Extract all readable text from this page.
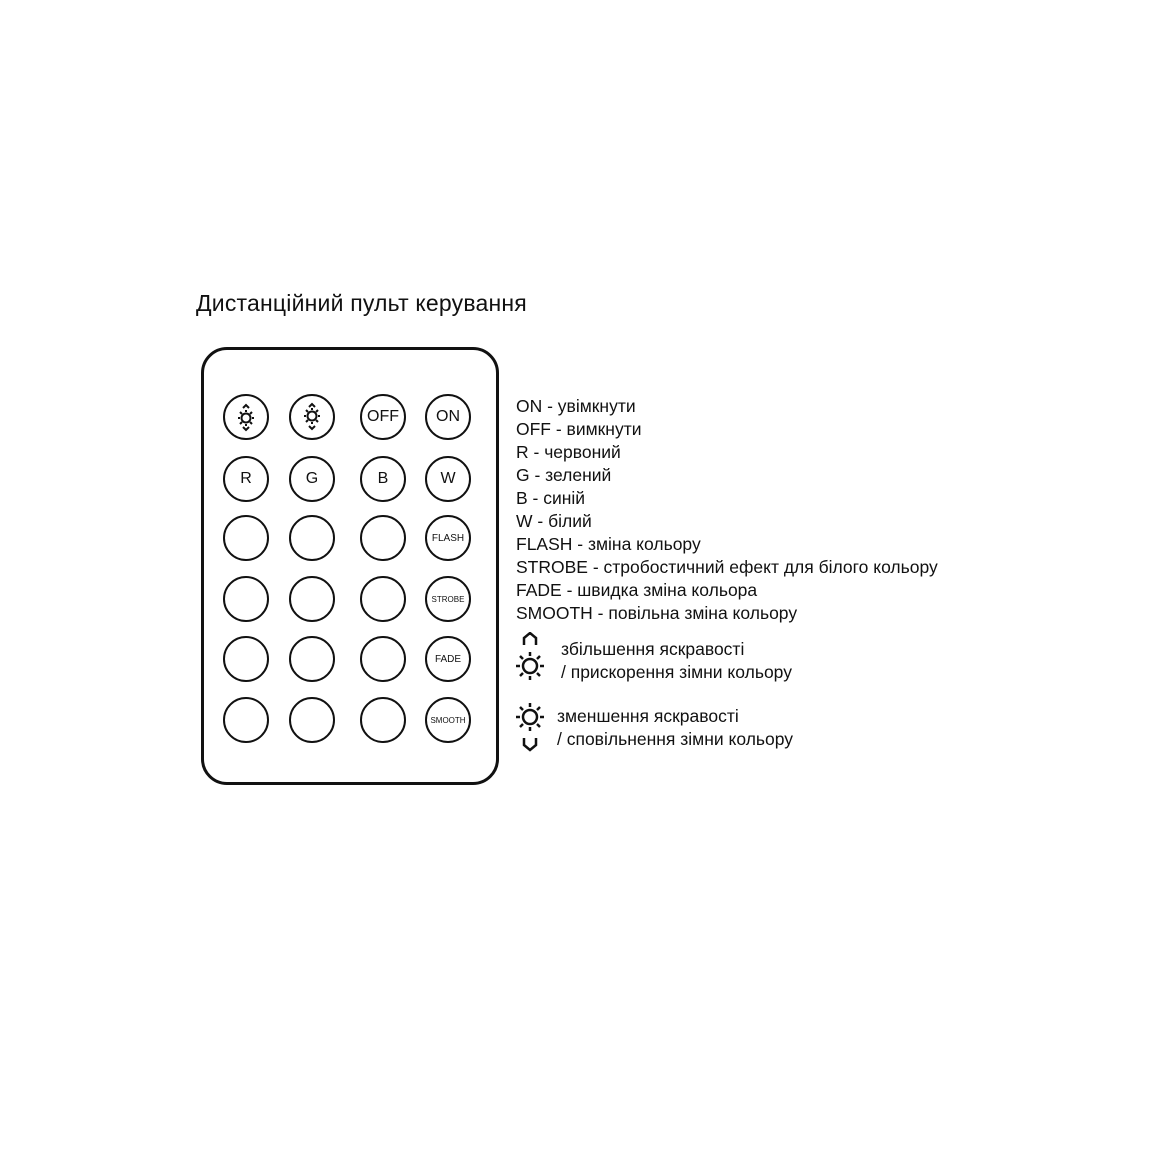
Дистанційний пульт керування
OFF ON
R	G	B	W
FLASH
STROBE
FADE
SMOOTH
ON - увімкнути
OFF - вимкнути
R - червоний
G - зелений
B - синій
W - білий
FLASH - зміна кольору
STROBE - стробостичний ефект для білого кольору
FADE - швидка зміна кольора
SMOOTH - повільна зміна кольору
збільшення яскравості
/ прискорення зімни кольору
зменшення яскравості
/ сповільнення зімни кольору
